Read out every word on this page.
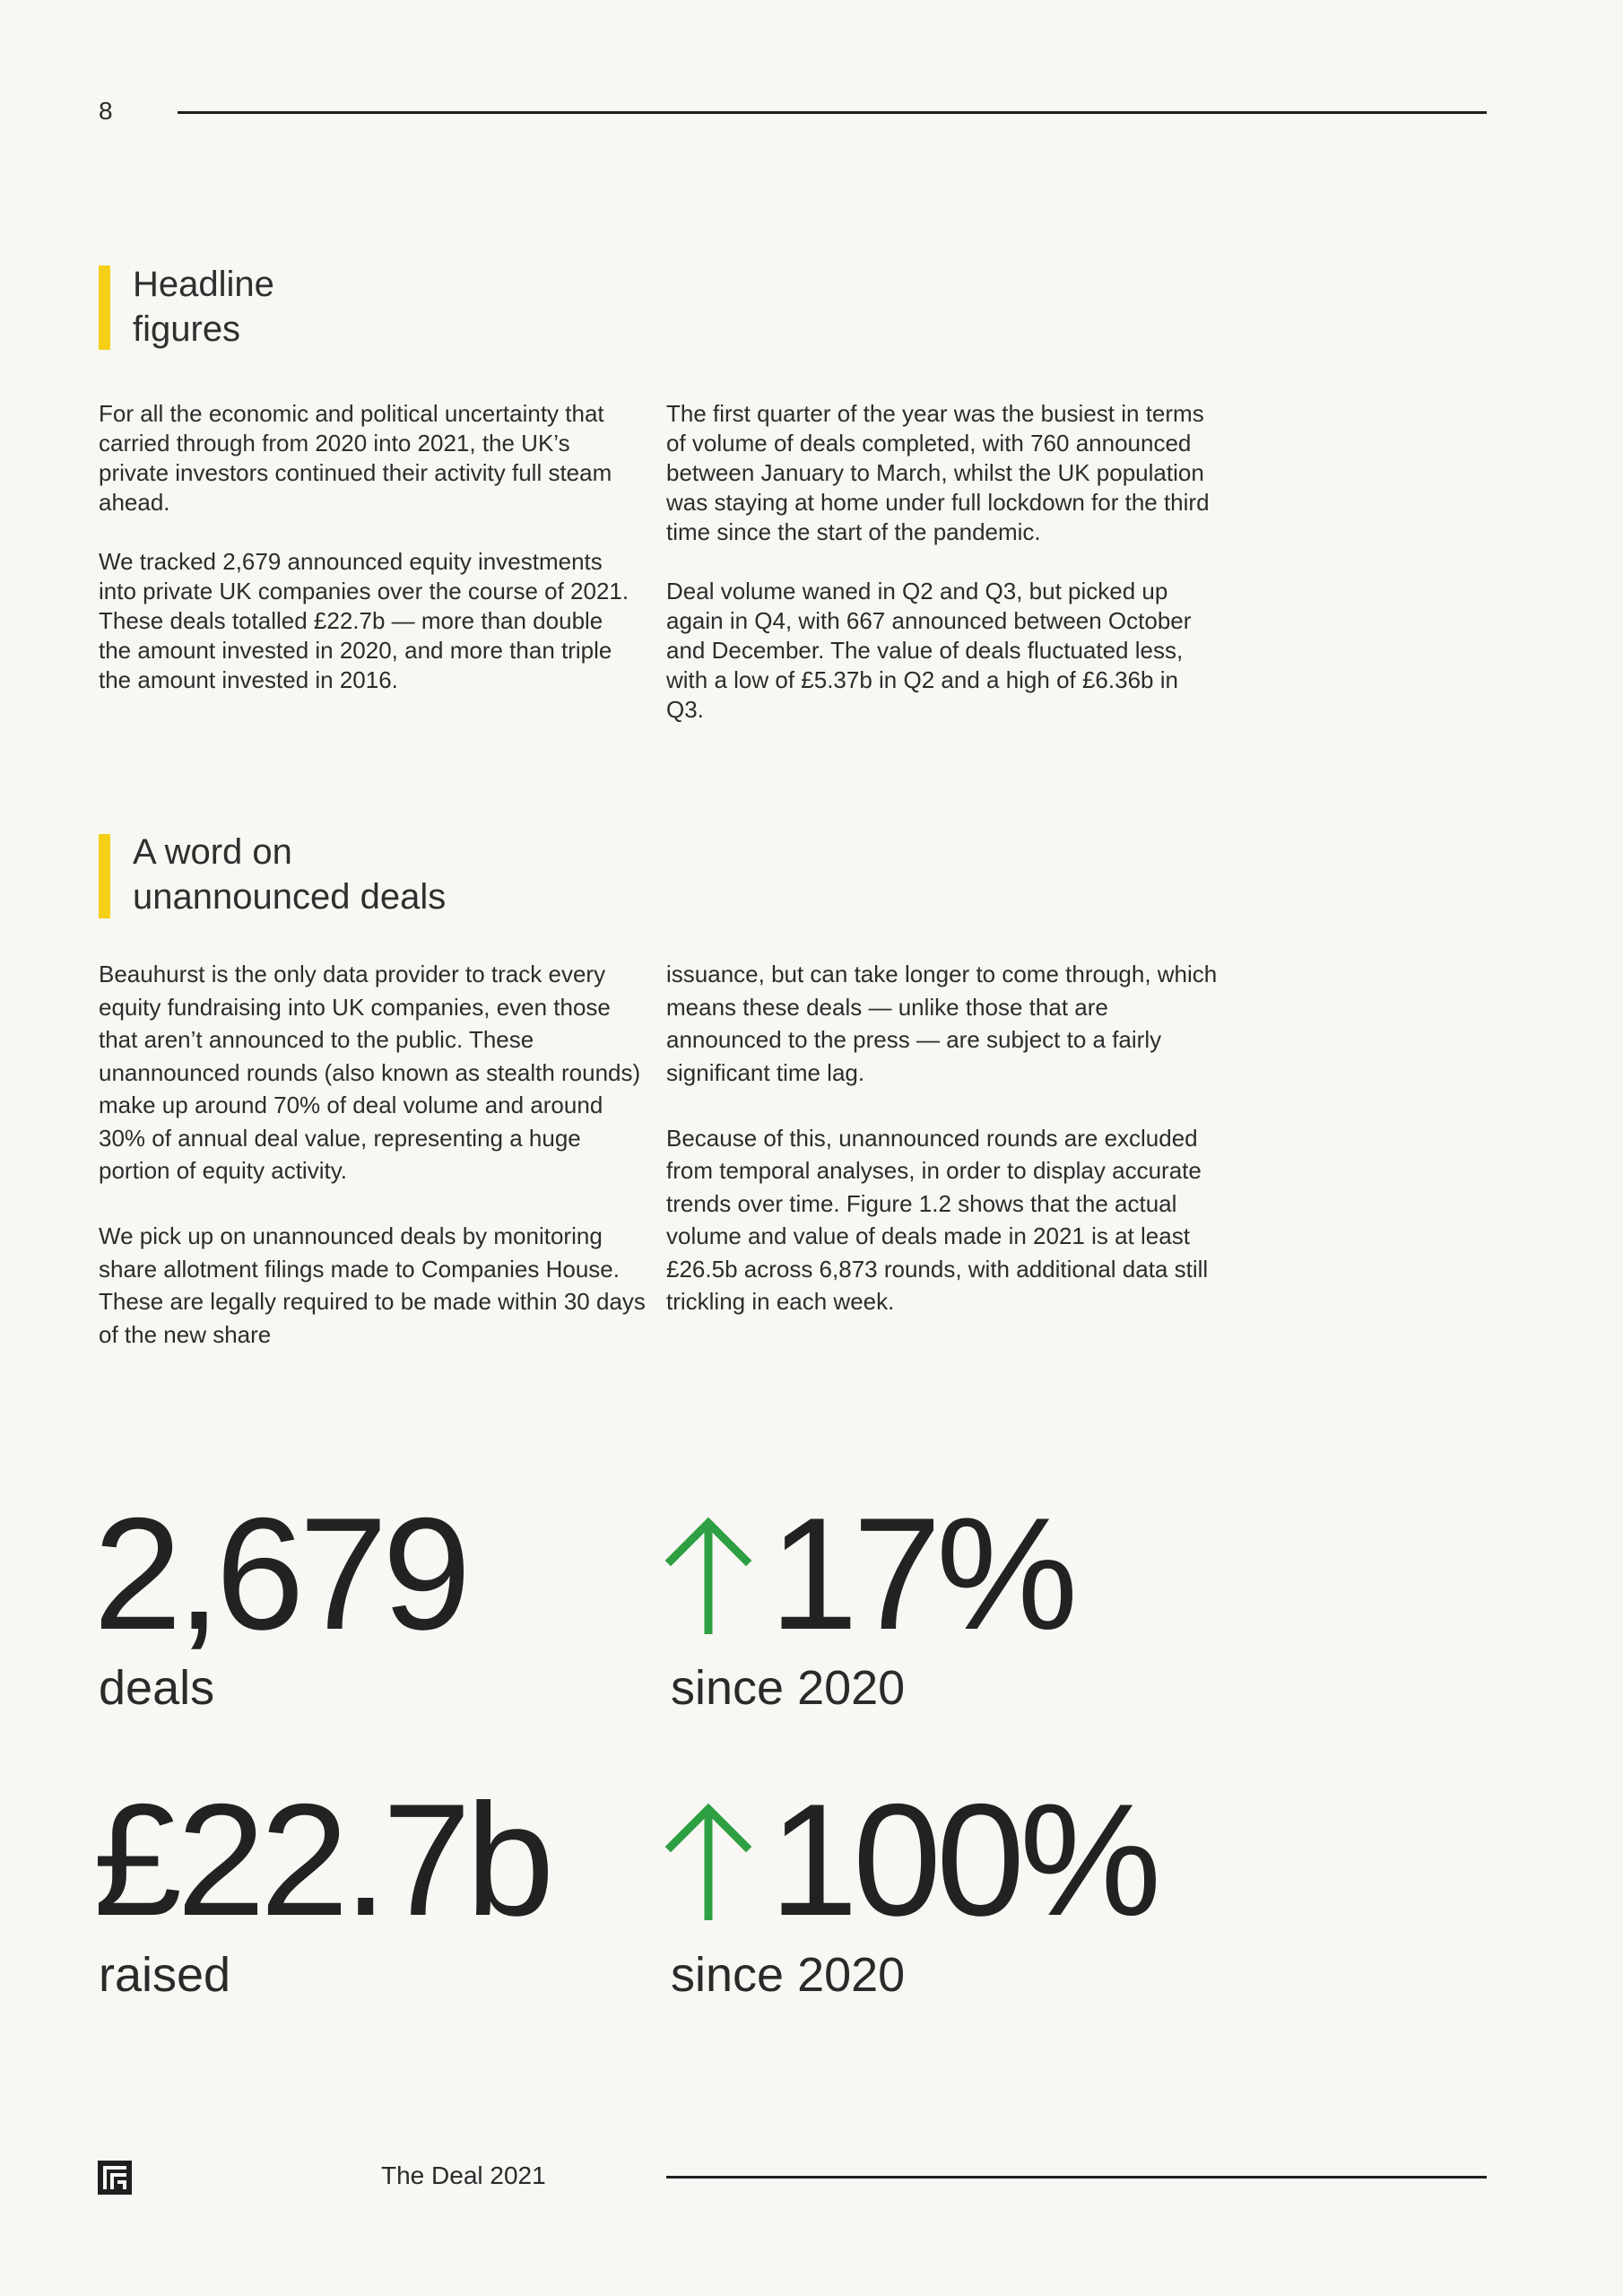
8
Headline
figures

For all the economic and political uncertainty that carried through from 2020 into 2021, the UK’s private investors continued their activity full steam ahead.

We tracked 2,679 announced equity investments into private UK companies over the course of 2021. These deals totalled £22.7b — more than double the amount invested in 2020, and more than triple the amount invested in 2016.

The first quarter of the year was the busiest in terms of volume of deals completed, with 760 announced between January to March, whilst the UK population was staying at home under full lockdown for the third time since the start of the pandemic.

Deal volume waned in Q2 and Q3, but picked up again in Q4, with 667 announced between October and December. The value of deals fluctuated less, with a low of £5.37b in Q2 and a high of £6.36b in Q3.

A word on
unannounced deals

Beauhurst is the only data provider to track every equity fundraising into UK companies, even those that aren’t announced to the public. These unannounced rounds (also known as stealth rounds) make up around 70% of deal volume and around 30% of annual deal value, representing a huge portion of equity activity.

We pick up on unannounced deals by monitoring share allotment filings made to Companies House. These are legally required to be made within 30 days of the new share

issuance, but can take longer to come through, which means these deals — unlike those that are announced to the press — are subject to a fairly significant time lag.

Because of this, unannounced rounds are excluded from temporal analyses, in order to display accurate trends over time. Figure 1.2 shows that the actual volume and value of deals made in 2021 is at least £26.5b across 6,873 rounds, with additional data still trickling in each week.

2,679
deals
17%
since 2020
£22.7b
raised
100%
since 2020
The Deal 2021
